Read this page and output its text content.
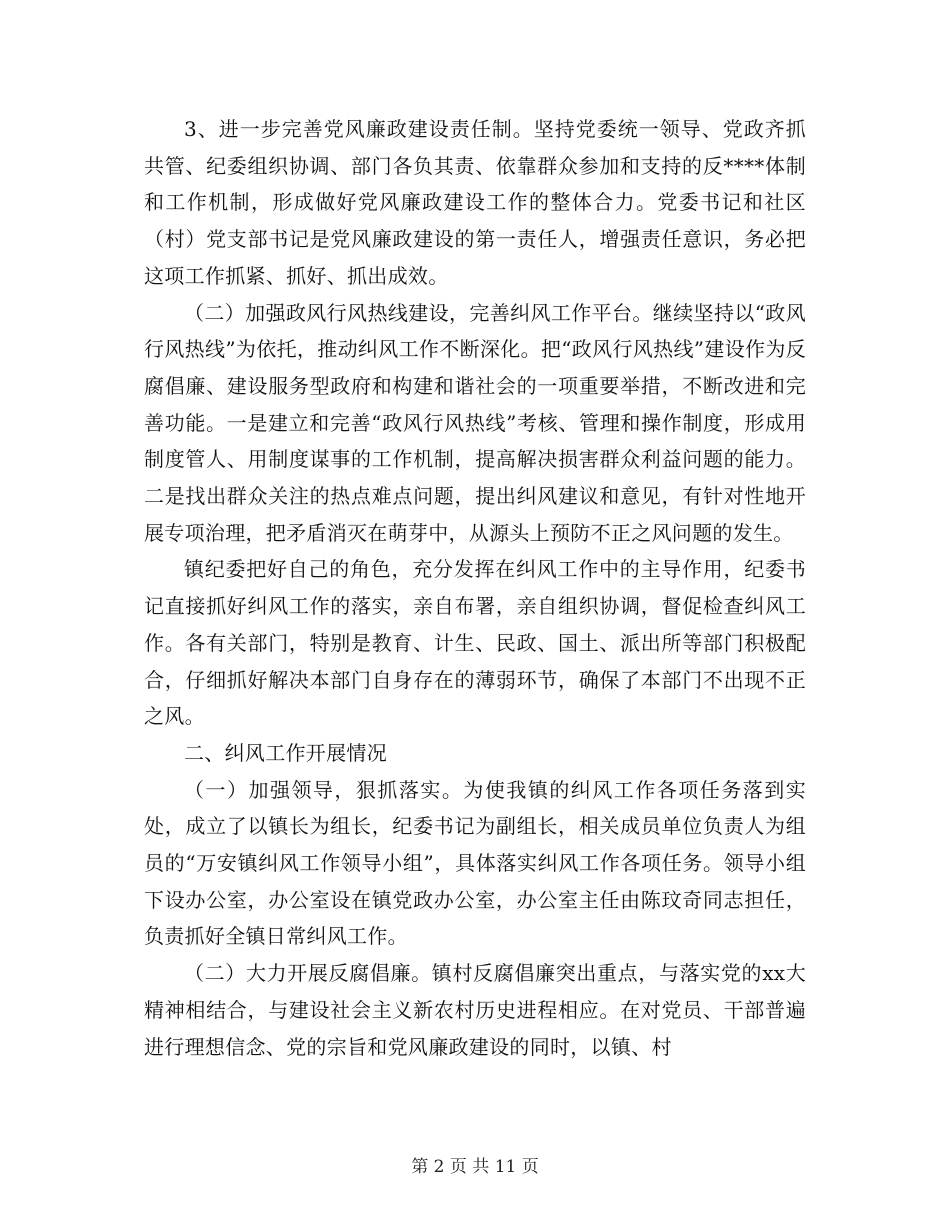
3、进一步完善党风廉政建设责任制。坚持党委统一领导、党政齐抓共管、纪委组织协调、部门各负其责、依靠群众参加和支持的反****体制和工作机制，形成做好党风廉政建设工作的整体合力。党委书记和社区（村）党支部书记是党风廉政建设的第一责任人，增强责任意识，务必把这项工作抓紧、抓好、抓出成效。

（二）加强政风行风热线建设，完善纠风工作平台。继续坚持以“政风行风热线”为依托，推动纠风工作不断深化。把“政风行风热线”建设作为反腐倡廉、建设服务型政府和构建和谐社会的一项重要举措，不断改进和完善功能。一是建立和完善“政风行风热线”考核、管理和操作制度，形成用制度管人、用制度谋事的工作机制，提高解决损害群众利益问题的能力。二是找出群众关注的热点难点问题，提出纠风建议和意见，有针对性地开展专项治理，把矛盾消灭在萌芽中，从源头上预防不正之风问题的发生。

镇纪委把好自己的角色，充分发挥在纠风工作中的主导作用，纪委书记直接抓好纠风工作的落实，亲自布署，亲自组织协调，督促检查纠风工作。各有关部门，特别是教育、计生、民政、国土、派出所等部门积极配合，仔细抓好解决本部门自身存在的薄弱环节，确保了本部门不出现不正之风。

二、纠风工作开展情况

（一）加强领导，狠抓落实。为使我镇的纠风工作各项任务落到实处，成立了以镇长为组长，纪委书记为副组长，相关成员单位负责人为组员的“万安镇纠风工作领导小组”，具体落实纠风工作各项任务。领导小组下设办公室，办公室设在镇党政办公室，办公室主任由陈玟奇同志担任，负责抓好全镇日常纠风工作。

（二）大力开展反腐倡廉。镇村反腐倡廉突出重点，与落实党的xx大精神相结合，与建设社会主义新农村历史进程相应。在对党员、干部普遍进行理想信念、党的宗旨和党风廉政建设的同时，以镇、村

第 2 页 共 11 页
